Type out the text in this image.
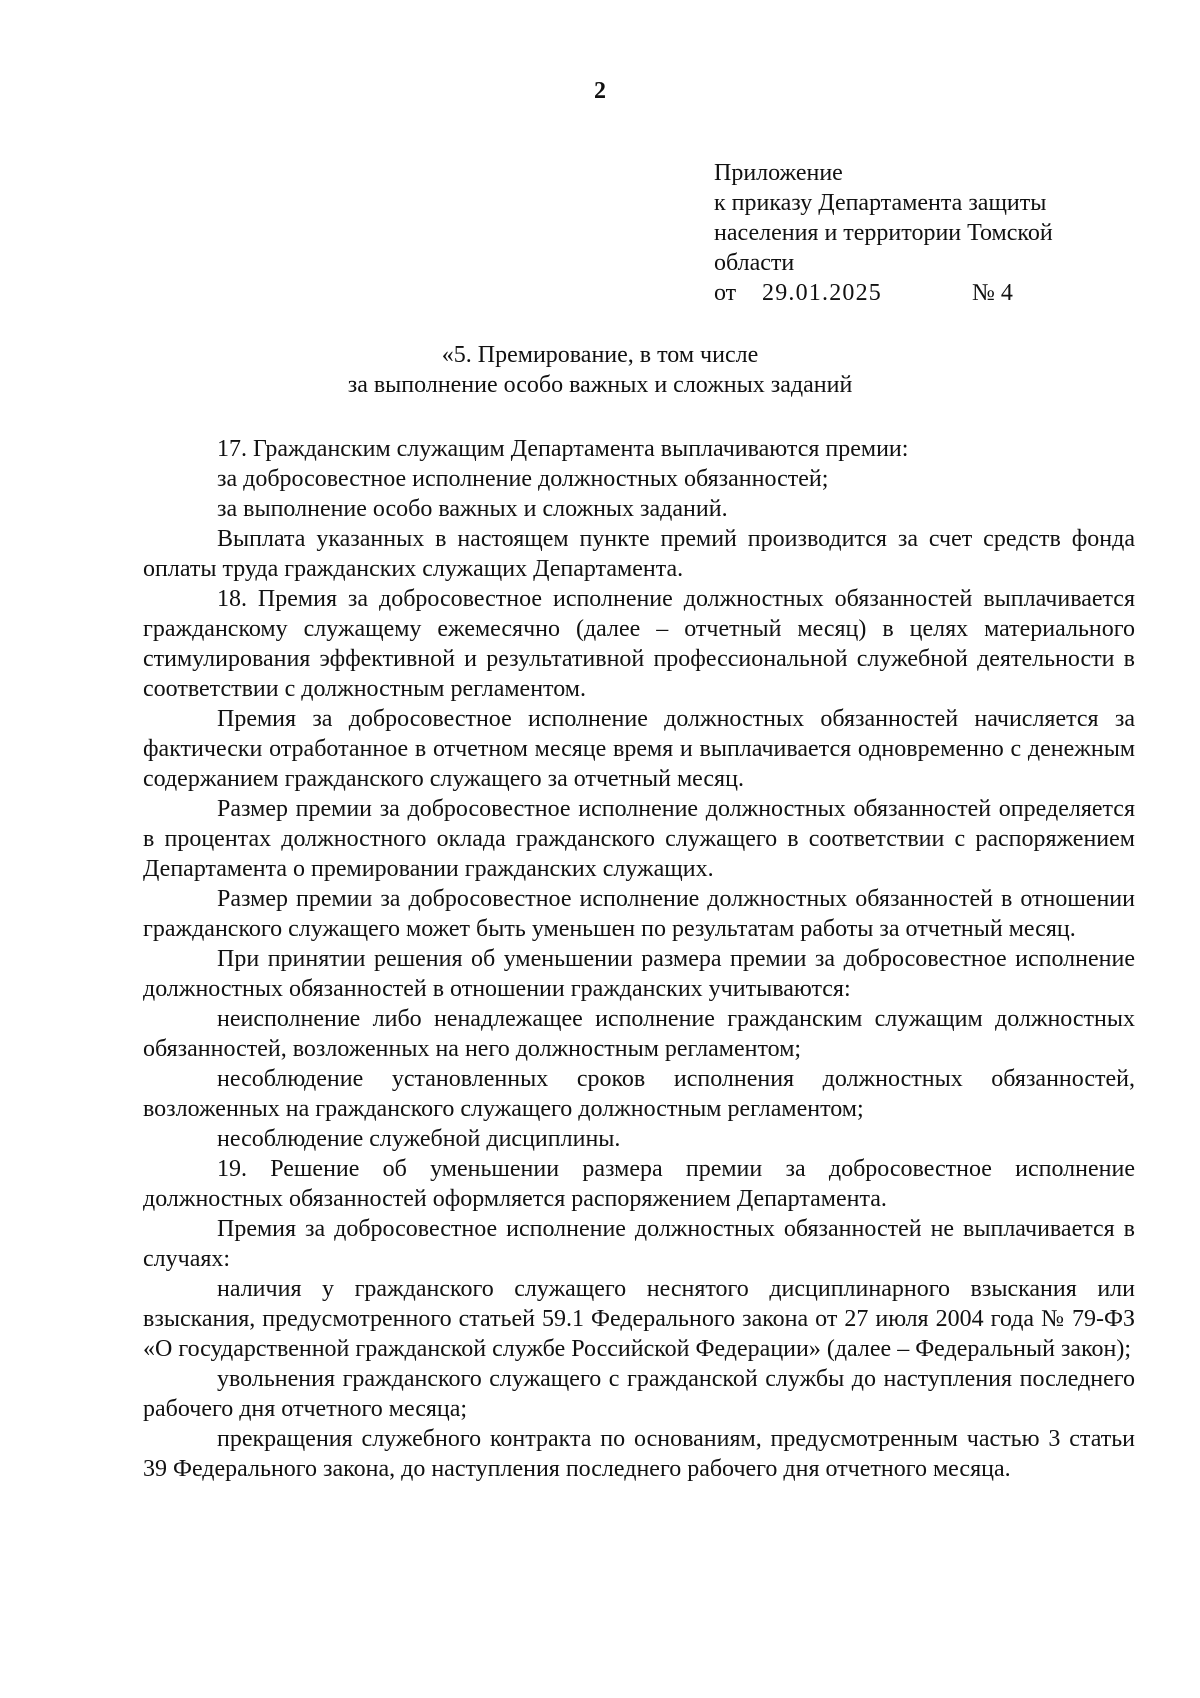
2
Приложение
к приказу Департамента защиты
населения и территории Томской
области
от 29.01.2025	№ 4
«5. Премирование, в том числе
за выполнение особо важных и сложных заданий

17. Гражданским служащим Департамента выплачиваются премии:

за добросовестное исполнение должностных обязанностей;

за выполнение особо важных и сложных заданий.

Выплата указанных в настоящем пункте премий производится за счет средств фонда оплаты труда гражданских служащих Департамента.

18. Премия за добросовестное исполнение должностных обязанностей выплачивается гражданскому служащему ежемесячно (далее – отчетный месяц) в целях материального стимулирования эффективной и результативной профессиональной служебной деятельности в соответствии с должностным регламентом.

Премия за добросовестное исполнение должностных обязанностей начисляется за фактически отработанное в отчетном месяце время и выплачивается одновременно с денежным содержанием гражданского служащего за отчетный месяц.

Размер премии за добросовестное исполнение должностных обязанностей определяется в процентах должностного оклада гражданского служащего в соответствии с распоряжением Департамента о премировании гражданских служащих.

Размер премии за добросовестное исполнение должностных обязанностей в отношении гражданского служащего может быть уменьшен по результатам работы за отчетный месяц.

При принятии решения об уменьшении размера премии за добросовестное исполнение должностных обязанностей в отношении гражданских учитываются:

неисполнение либо ненадлежащее исполнение гражданским служащим должностных обязанностей, возложенных на него должностным регламентом;

несоблюдение установленных сроков исполнения должностных обязанностей, возложенных на гражданского служащего должностным регламентом;

несоблюдение служебной дисциплины.

19. Решение об уменьшении размера премии за добросовестное исполнение должностных обязанностей оформляется распоряжением Департамента.

Премия за добросовестное исполнение должностных обязанностей не выплачивается в случаях:

наличия у гражданского служащего неснятого дисциплинарного взыскания или взыскания, предусмотренного статьей 59.1 Федерального закона от 27 июля 2004 года № 79-ФЗ «О государственной гражданской службе Российской Федерации» (далее – Федеральный закон);

увольнения гражданского служащего с гражданской службы до наступления последнего рабочего дня отчетного месяца;

прекращения служебного контракта по основаниям, предусмотренным частью 3 статьи 39 Федерального закона, до наступления последнего рабочего дня отчетного месяца.
